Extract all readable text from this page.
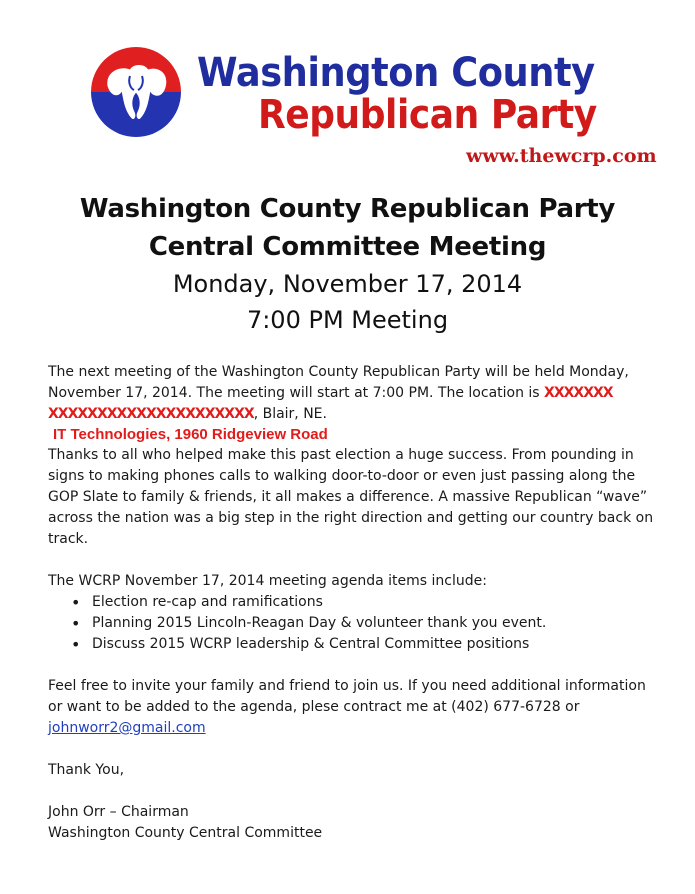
Washington County
Republican Party
www.thewcrp.com

Washington County Republican Party

Central Committee Meeting

Monday, November 17, 2014

7:00 PM Meeting

The next meeting of the Washington County Republican Party will be held Monday,
November 17, 2014. The meeting will start at 7:00 PM. The location is XXXXXXX
XXXXXXXXXXXXXXXXXXXXX, Blair, NE.

IT Technologies, 1960 Ridgeview Road

Thanks to all who helped make this past election a huge success. From pounding in signs to making phones calls to walking door-to-door or even just passing along the GOP Slate to family & friends, it all makes a difference. A massive Republican “wave” across the nation was a big step in the right direction and getting our country back on track.

The WCRP November 17, 2014 meeting agenda items include:

• Election re-cap and ramifications
• Planning 2015 Lincoln-Reagan Day & volunteer thank you event.
• Discuss 2015 WCRP leadership & Central Committee positions

Feel free to invite your family and friend to join us. If you need additional information or want to be added to the agenda, plese contract me at (402) 677-6728 or
johnworr2@gmail.com

Thank You,

John Orr – Chairman

Washington County Central Committee
